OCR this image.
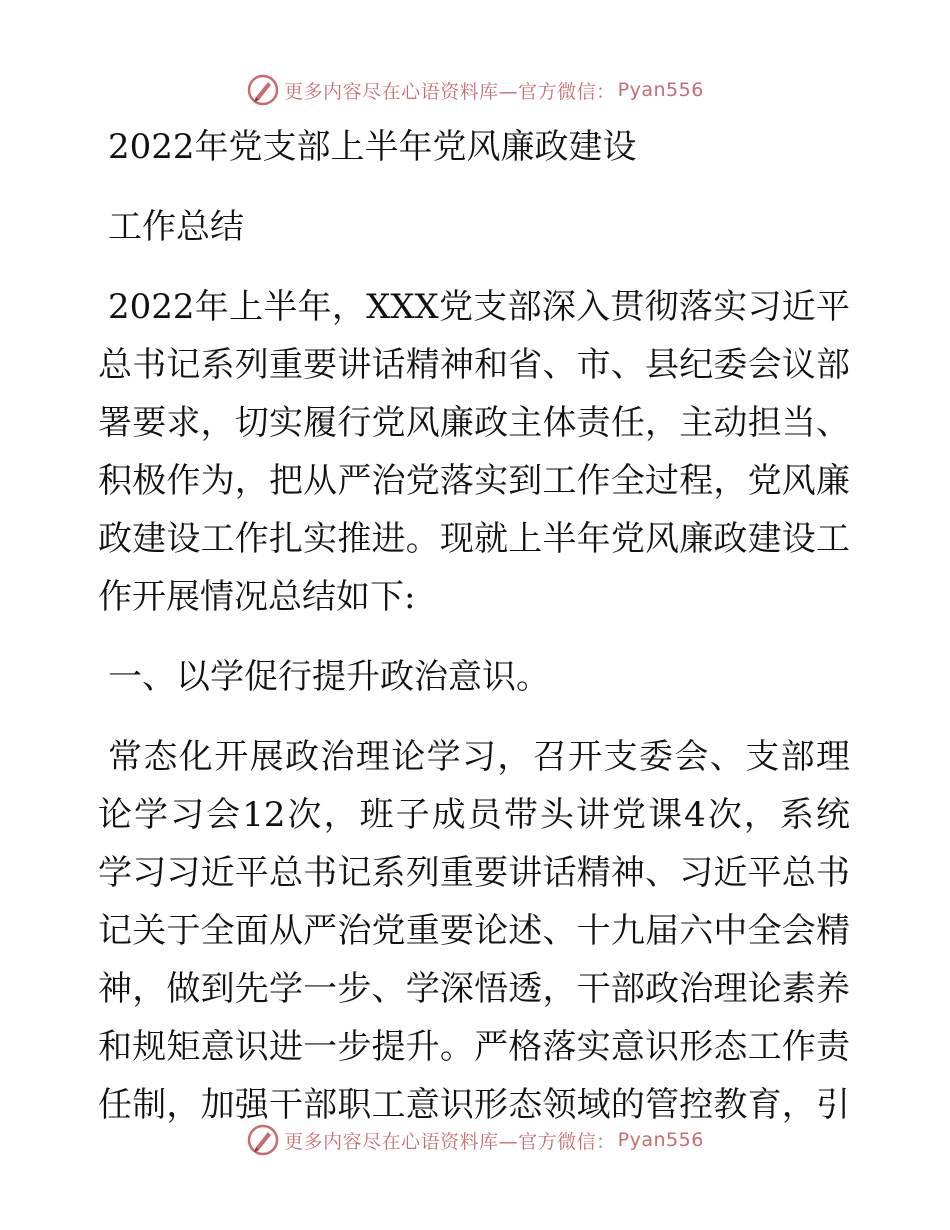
更多内容尽在心语资料库—官方微信： Pyan556
2022年党支部上半年党风廉政建设
工作总结
2022年上半年，XXX党支部深入贯彻落实习近平
总书记系列重要讲话精神和省、市、县纪委会议部
署要求，切实履行党风廉政主体责任，主动担当、
积极作为，把从严治党落实到工作全过程，党风廉
政建设工作扎实推进。现就上半年党风廉政建设工
作开展情况总结如下:
一、以学促行提升政治意识。
常态化开展政治理论学习，召开支委会、支部理
论学习会12次，班子成员带头讲党课4次，系统
学习习近平总书记系列重要讲话精神、习近平总书
记关于全面从严治党重要论述、十九届六中全会精
神，做到先学一步、学深悟透，干部政治理论素养
和规矩意识进一步提升。严格落实意识形态工作责
任制，加强干部职工意识形态领域的管控教育，引
更多内容尽在心语资料库—官方微信： Pyan556
